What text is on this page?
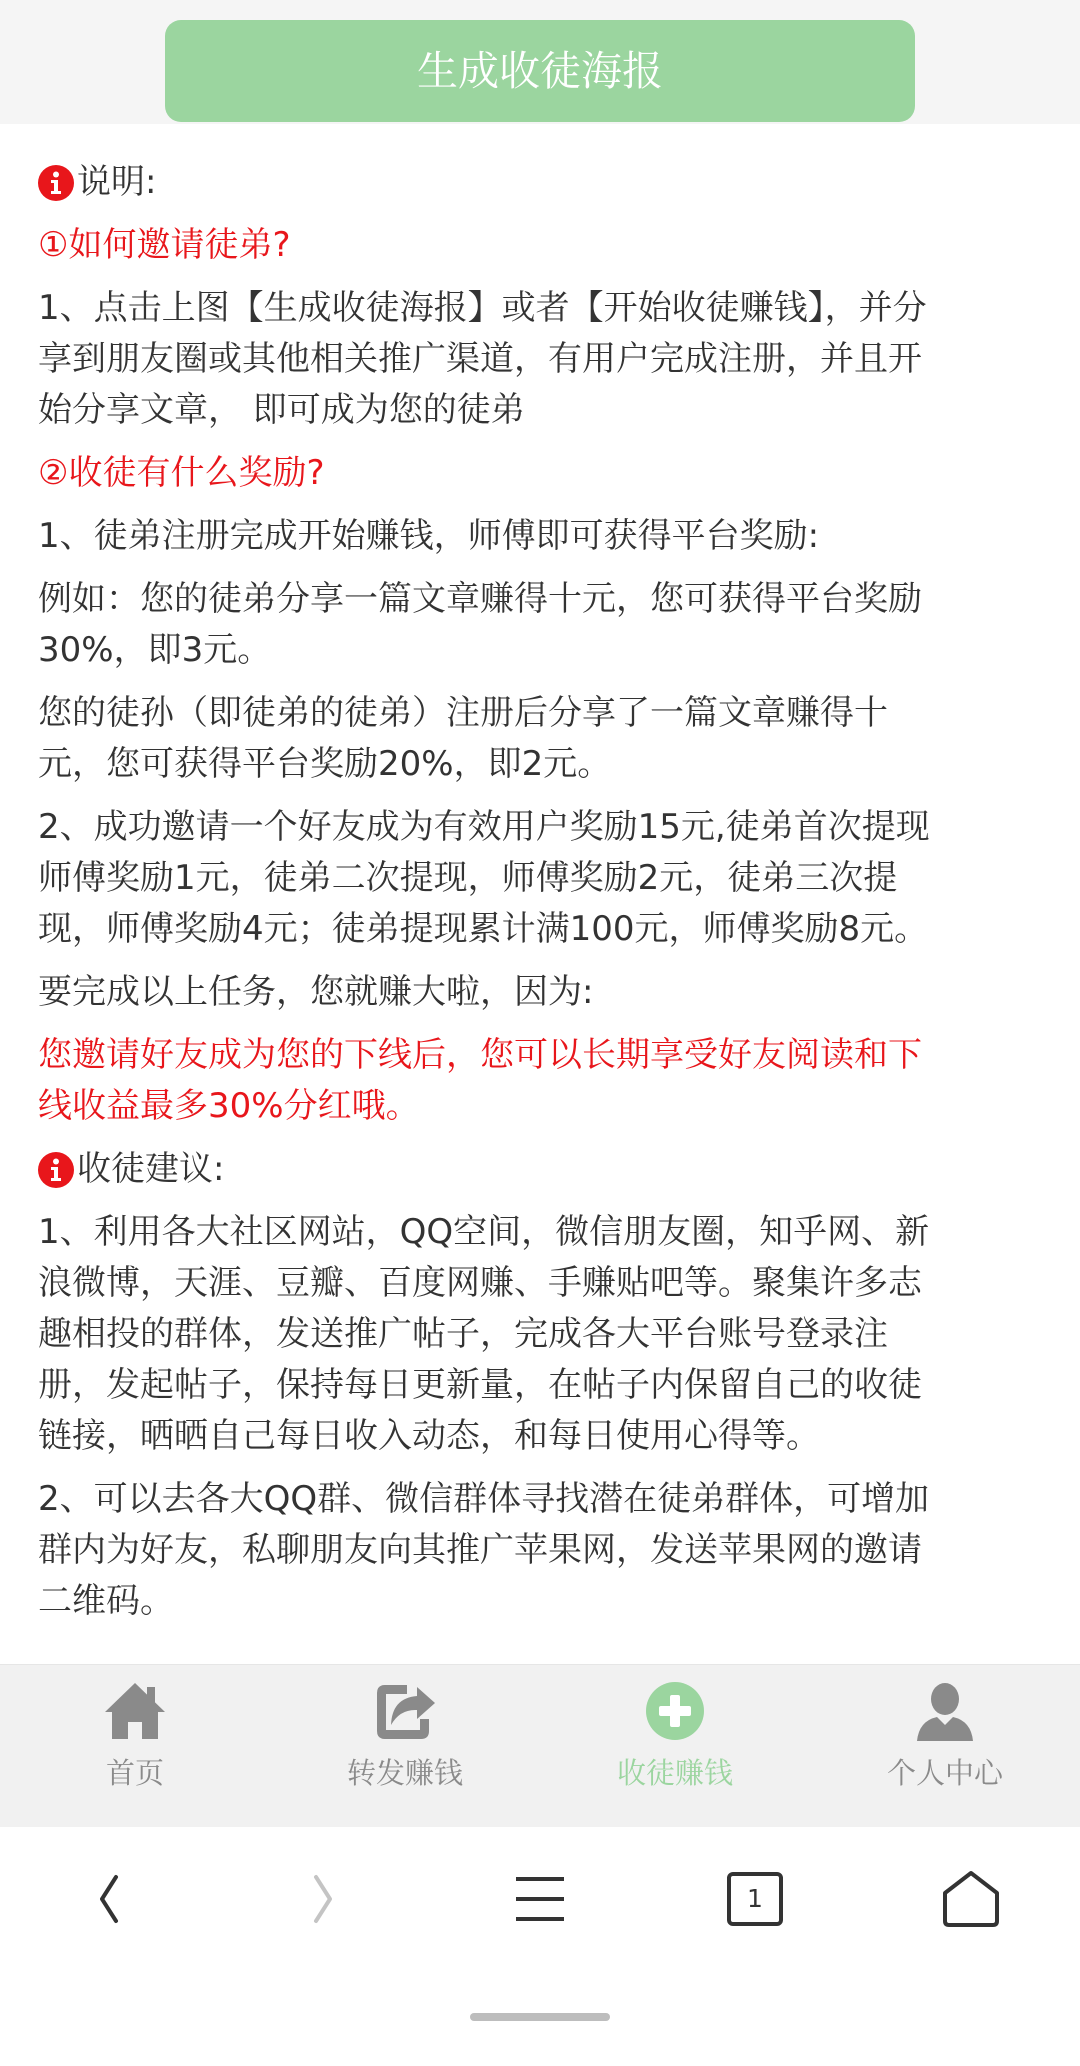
生成收徒海报
说明:

①如何邀请徒弟?

1、点击上图【生成收徒海报】或者【开始收徒赚钱】，并分

享到朋友圈或其他相关推广渠道，有用户完成注册，并且开

始分享文章， 即可成为您的徒弟

②收徒有什么奖励?

1、徒弟注册完成开始赚钱，师傅即可获得平台奖励:

例如：您的徒弟分享一篇文章赚得十元，您可获得平台奖励

30%，即3元。

您的徒孙（即徒弟的徒弟）注册后分享了一篇文章赚得十

元，您可获得平台奖励20%，即2元。

2、成功邀请一个好友成为有效用户奖励15元,徒弟首次提现

师傅奖励1元，徒弟二次提现，师傅奖励2元，徒弟三次提

现，师傅奖励4元；徒弟提现累计满100元，师傅奖励8元。

要完成以上任务，您就赚大啦，因为:

您邀请好友成为您的下线后，您可以长期享受好友阅读和下

线收益最多30%分红哦。

收徒建议:

1、利用各大社区网站，QQ空间，微信朋友圈，知乎网、新

浪微博，天涯、豆瓣、百度网赚、手赚贴吧等。聚集许多志

趣相投的群体，发送推广帖子，完成各大平台账号登录注

册，发起帖子，保持每日更新量，在帖子内保留自己的收徒

链接，晒晒自己每日收入动态，和每日使用心得等。

2、可以去各大QQ群、微信群体寻找潜在徒弟群体，可增加

群内为好友，私聊朋友向其推广苹果网，发送苹果网的邀请

二维码。

首页	转发赚钱	收徒赚钱	个人中心
1
